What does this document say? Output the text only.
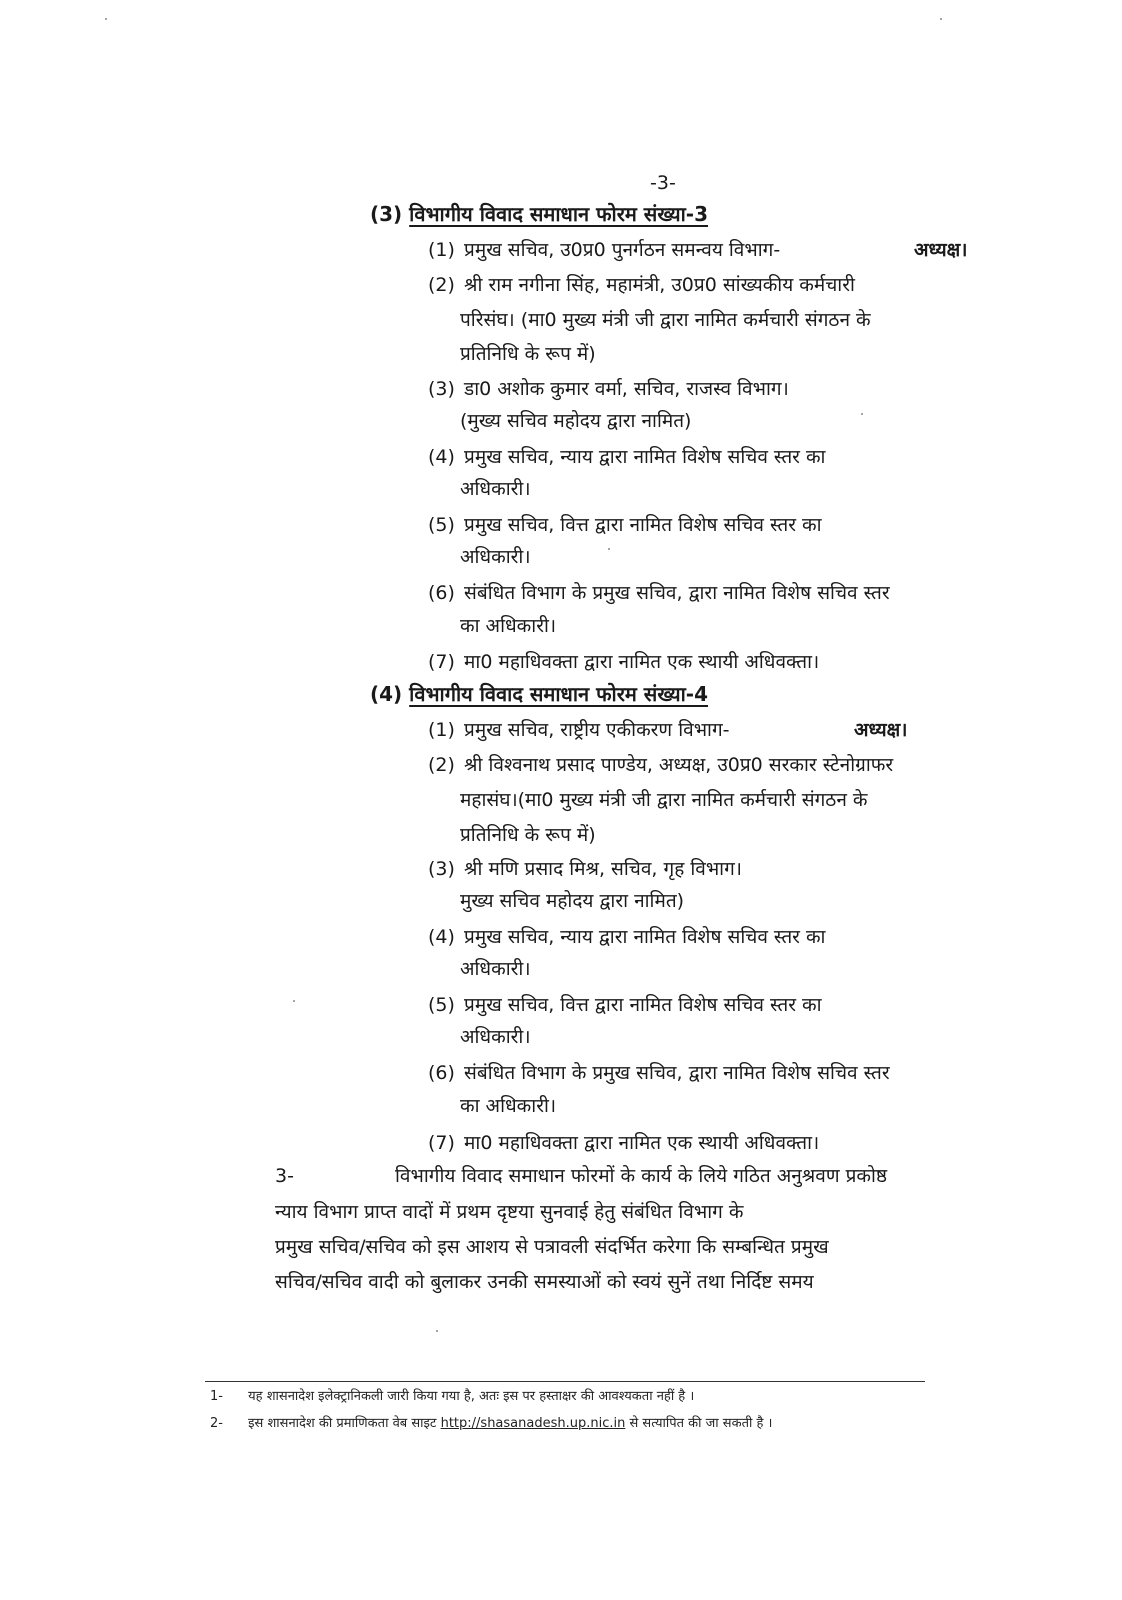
-3-
(3) विभागीय विवाद समाधान फोरम संख्या-3
(1) प्रमुख सचिव, उ0प्र0 पुनर्गठन समन्वय विभाग-	अध्यक्ष।
(2) श्री राम नगीना सिंह, महामंत्री, उ0प्र0 सांख्यकीय कर्मचारी
परिसंघ। (मा0 मुख्य मंत्री जी द्वारा नामित कर्मचारी संगठन के
प्रतिनिधि के रूप में)
(3) डा0 अशोक कुमार वर्मा, सचिव, राजस्व विभाग।
(मुख्य सचिव महोदय द्वारा नामित)
(4) प्रमुख सचिव, न्याय द्वारा नामित विशेष सचिव स्तर का
अधिकारी।
(5) प्रमुख सचिव, वित्त द्वारा नामित विशेष सचिव स्तर का
अधिकारी।
(6) संबंधित विभाग के प्रमुख सचिव, द्वारा नामित विशेष सचिव स्तर
का अधिकारी।
(7) मा0 महाधिवक्ता द्वारा नामित एक स्थायी अधिवक्ता।
(4) विभागीय विवाद समाधान फोरम संख्या-4
(1) प्रमुख सचिव, राष्ट्रीय एकीकरण विभाग-	अध्यक्ष।
(2) श्री विश्वनाथ प्रसाद पाण्डेय, अध्यक्ष, उ0प्र0 सरकार स्टेनोग्राफर
महासंघ।(मा0 मुख्य मंत्री जी द्वारा नामित कर्मचारी संगठन के
प्रतिनिधि के रूप में)
(3) श्री मणि प्रसाद मिश्र, सचिव, गृह विभाग।
मुख्य सचिव महोदय द्वारा नामित)
(4) प्रमुख सचिव, न्याय द्वारा नामित विशेष सचिव स्तर का
अधिकारी।
(5) प्रमुख सचिव, वित्त द्वारा नामित विशेष सचिव स्तर का
अधिकारी।
(6) संबंधित विभाग के प्रमुख सचिव, द्वारा नामित विशेष सचिव स्तर
का अधिकारी।
(7) मा0 महाधिवक्ता द्वारा नामित एक स्थायी अधिवक्ता।
3-	विभागीय विवाद समाधान फोरमों के कार्य के लिये गठित अनुश्रवण प्रकोष्ठ
न्याय विभाग प्राप्त वादों में प्रथम दृष्टया सुनवाई हेतु संबंधित विभाग के
प्रमुख सचिव/सचिव को इस आशय से पत्रावली संदर्भित करेगा कि सम्बन्धित प्रमुख
सचिव/सचिव वादी को बुलाकर उनकी समस्याओं को स्वयं सुनें तथा निर्दिष्ट समय
1- यह शासनादेश इलेक्ट्रानिकली जारी किया गया है, अतः इस पर हस्ताक्षर की आवश्यकता नहीं है ।
2- इस शासनादेश की प्रमाणिकता वेब साइट http://shasanadesh.up.nic.in से सत्यापित की जा सकती है ।
